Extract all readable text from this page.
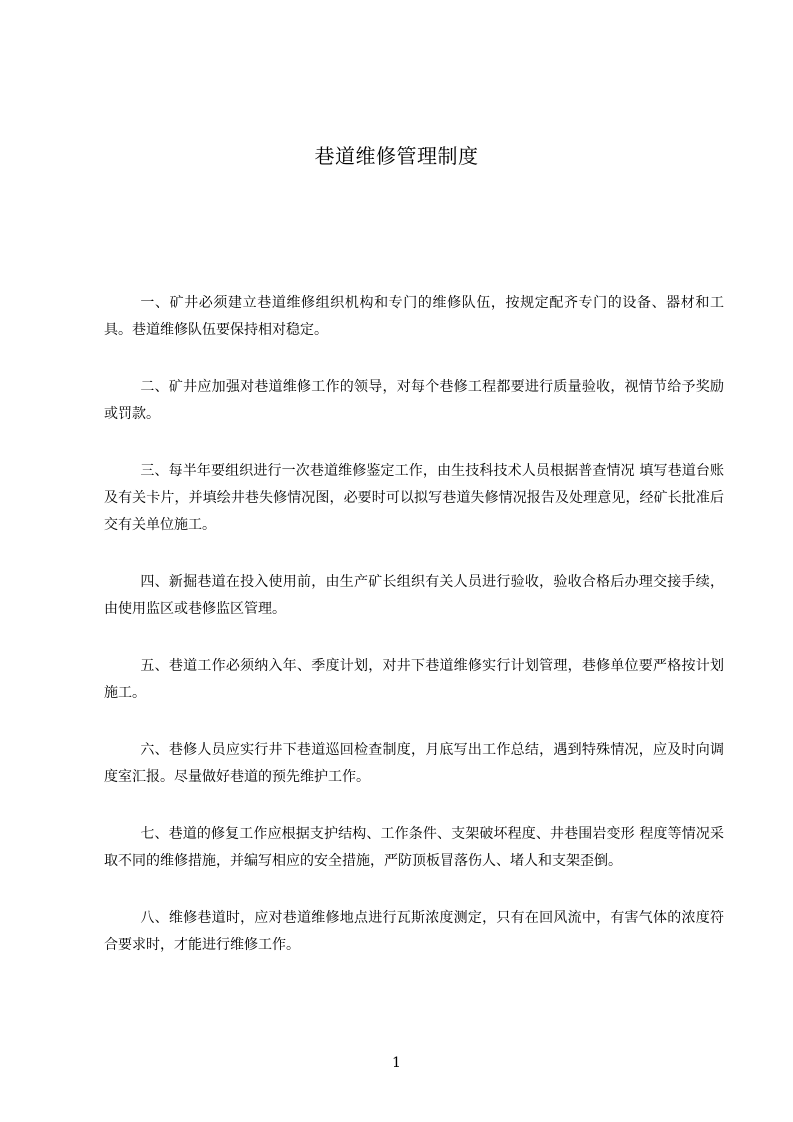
巷道维修管理制度

一、矿井必须建立巷道维修组织机构和专门的维修队伍，按规定配齐专门的设备、器材和工具。巷道维修队伍要保持相对稳定。

二、矿井应加强对巷道维修工作的领导，对每个巷修工程都要进行质量验收，视情节给予奖励或罚款。

三、每半年要组织进行一次巷道维修鉴定工作，由生技科技术人员根据普查情况 填写巷道台账 及有关卡片，并填绘井巷失修情况图，必要时可以拟写巷道失修情况报告及处理意见，经矿长批准后交有关单位施工。

四、新掘巷道在投入使用前，由生产矿长组织有关人员进行验收，验收合格后办理交接手续，由使用监区或巷修监区管理。

五、巷道工作必须纳入年、季度计划，对井下巷道维修实行计划管理，巷修单位要严格按计划施工。

六、巷修人员应实行井下巷道巡回检查制度，月底写出工作总结，遇到特殊情况，应及时向调度室汇报。尽量做好巷道的预先维护工作。

七、巷道的修复工作应根据支护结构、工作条件、支架破坏程度、井巷围岩变形 程度等情况采取不同的维修措施，并编写相应的安全措施，严防顶板冒落伤人、堵人和支架歪倒。

八、维修巷道时，应对巷道维修地点进行瓦斯浓度测定，只有在回风流中，有害气体的浓度符合要求时，才能进行维修工作。

1
